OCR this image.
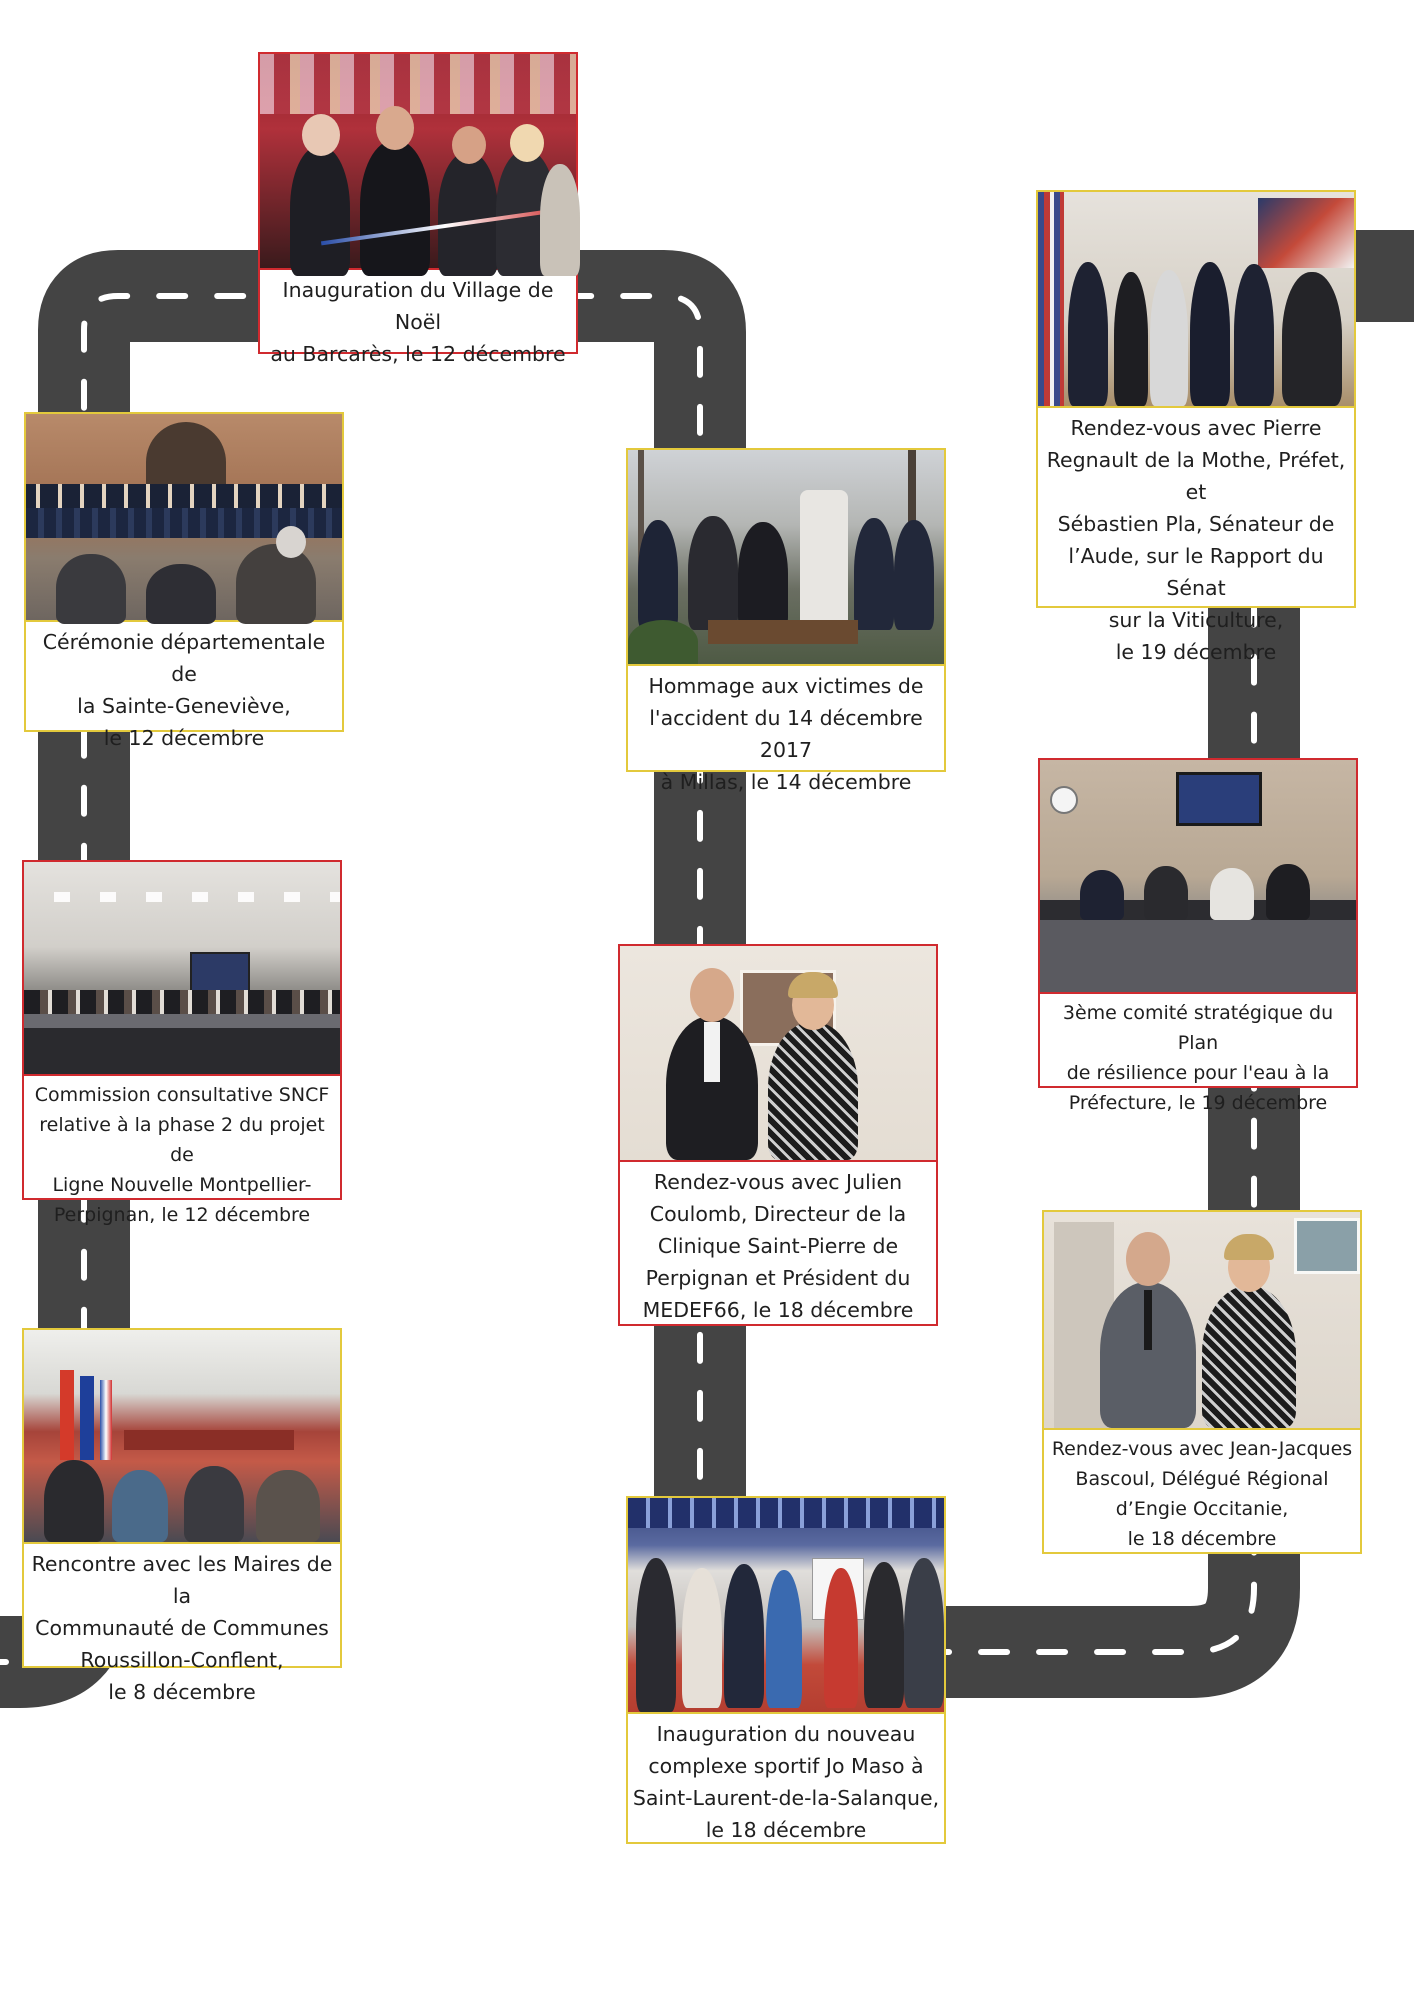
Inauguration du Village de Noël
au Barcarès, le 12 décembre
Cérémonie départementale de
la Sainte-Geneviève,
le 12 décembre
Commission consultative SNCF
relative à la phase 2 du projet de
Ligne Nouvelle Montpellier-
Perpignan, le 12 décembre
Rencontre avec les Maires de la
Communauté de Communes
Roussillon-Conflent,
le 8 décembre
Hommage aux victimes de
l'accident du 14 décembre 2017
à Millas, le 14 décembre
Rendez-vous avec Julien
Coulomb, Directeur de la
Clinique Saint-Pierre de
Perpignan et Président du
MEDEF66, le 18 décembre
Inauguration du nouveau
complexe sportif Jo Maso à
Saint-Laurent-de-la-Salanque,
le 18 décembre
Rendez-vous avec Pierre
Regnault de la Mothe, Préfet, et
Sébastien Pla, Sénateur de
l’Aude, sur le Rapport du Sénat
sur la Viticulture,
le 19 décembre
3ème comité stratégique du Plan
de résilience pour l'eau à la
Préfecture, le 19 décembre
Rendez-vous avec Jean-Jacques
Bascoul, Délégué Régional
d’Engie Occitanie,
le 18 décembre
